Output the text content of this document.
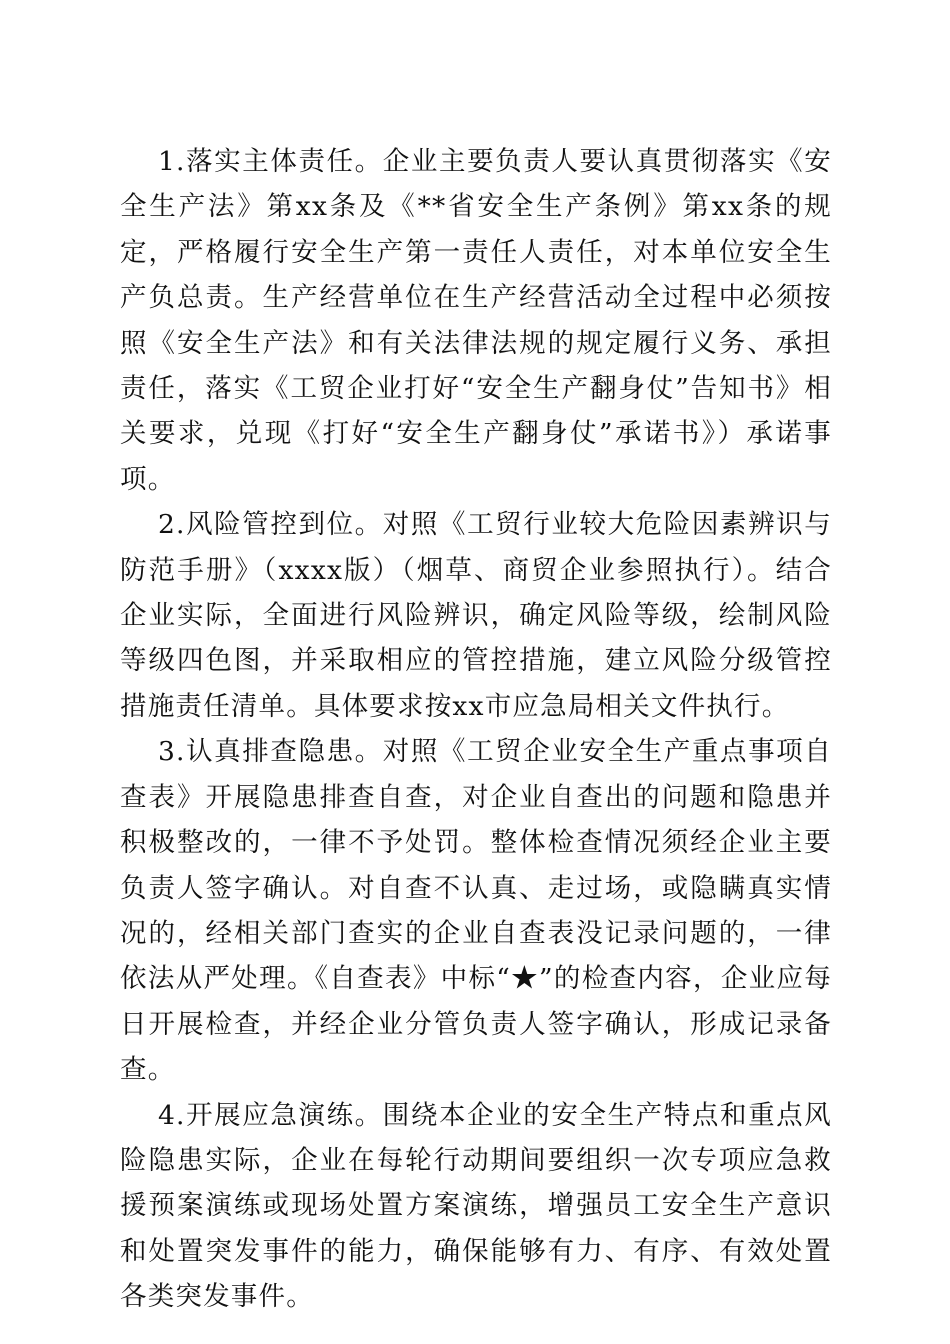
1.落实主体责任。企业主要负责人要认真贯彻落实《安全生产法》第xx条及《**省安全生产条例》第xx条的规定，严格履行安全生产第一责任人责任，对本单位安全生产负总责。生产经营单位在生产经营活动全过程中必须按照《安全生产法》和有关法律法规的规定履行义务、承担责任，落实《工贸企业打好“安全生产翻身仗”告知书》相关要求，兑现《打好“安全生产翻身仗”承诺书》）承诺事项。

2.风险管控到位。对照《工贸行业较大危险因素辨识与防范手册》（xxxx版）（烟草、商贸企业参照执行）。结合企业实际，全面进行风险辨识，确定风险等级，绘制风险等级四色图，并采取相应的管控措施，建立风险分级管控措施责任清单。具体要求按xx市应急局相关文件执行。

3.认真排查隐患。对照《工贸企业安全生产重点事项自查表》开展隐患排查自查，对企业自查出的问题和隐患并积极整改的，一律不予处罚。整体检查情况须经企业主要负责人签字确认。对自查不认真、走过场，或隐瞒真实情况的，经相关部门查实的企业自查表没记录问题的，一律依法从严处理。《自查表》中标“★”的检查内容，企业应每日开展检查，并经企业分管负责人签字确认，形成记录备查。

4.开展应急演练。围绕本企业的安全生产特点和重点风险隐患实际，企业在每轮行动期间要组织一次专项应急救援预案演练或现场处置方案演练，增强员工安全生产意识和处置突发事件的能力，确保能够有力、有序、有效处置各类突发事件。
